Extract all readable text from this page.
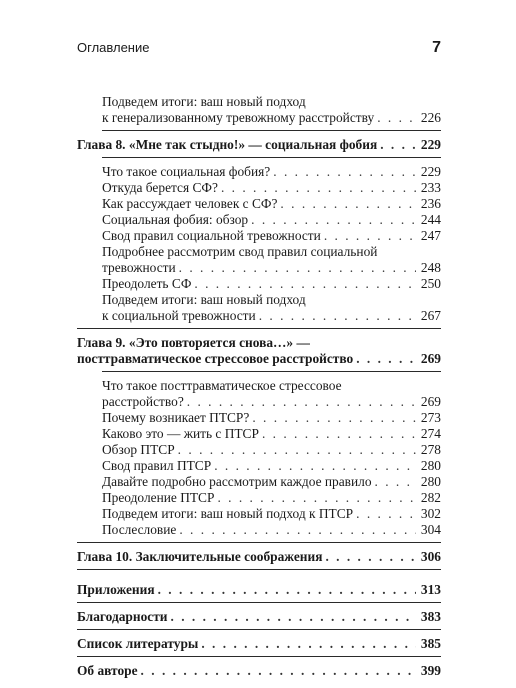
Оглавление	7
Подведем итоги: ваш новый подход
к генерализованному тревожному расстройству . . .	226
Глава 8. «Мне так стыдно!» — социальная фобия . . .	229
Что такое социальная фобия? . . .	229
Откуда берется СФ? . . .	233
Как рассуждает человек с СФ? . . .	236
Социальная фобия: обзор . . .	244
Свод правил социальной тревожности . . .	247
Подробнее рассмотрим свод правил социальной
тревожности . . .	248
Преодолеть СФ . . .	250
Подведем итоги: ваш новый подход
к социальной тревожности . . .	267
Глава 9. «Это повторяется снова…» —
посттравматическое стрессовое расстройство . . .	269
Что такое посттравматическое стрессовое
расстройство? . . .	269
Почему возникает ПТСР? . . .	273
Каково это — жить с ПТСР . . .	274
Обзор ПТСР . . .	278
Свод правил ПТСР . . .	280
Давайте подробно рассмотрим каждое правило . . .	280
Преодоление ПТСР . . .	282
Подведем итоги: ваш новый подход к ПТСР . . .	302
Послесловие . . .	304
Глава 10. Заключительные соображения . . .	306
Приложения . . .	313
Благодарности . . .	383
Список литературы . . .	385
Об авторе . . .	399
